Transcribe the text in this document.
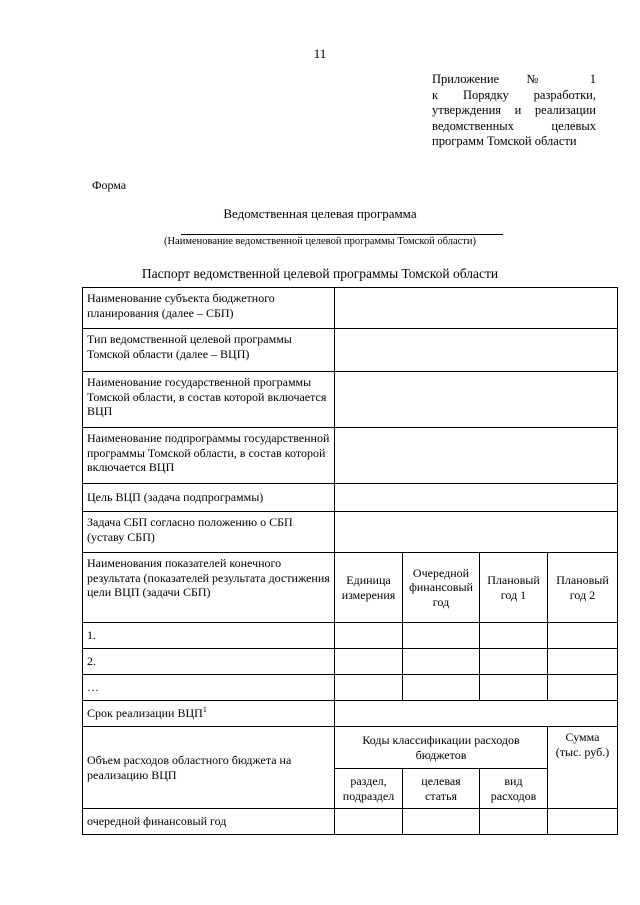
11
Приложение № 1
к Порядку разработки,
утверждения и реализации
ведомственных целевых
программ Томской области
Форма
Ведомственная целевая программа
(Наименование ведомственной целевой программы Томской области)
Паспорт ведомственной целевой программы Томской области
Наименование субъекта бюджетного планирования (далее – СБП)				
Тип ведомственной целевой программы Томской области (далее – ВЦП)				
Наименование государственной программы Томской области, в состав которой включается ВЦП				
Наименование подпрограммы государственной программы Томской области, в состав которой включается ВЦП				
Цель ВЦП (задача подпрограммы)				
Задача СБП согласно положению о СБП (уставу СБП)				
Наименования показателей конечного результата (показателей результата достижения цели ВЦП (задачи СБП)	Единица измерения	Очередной финансовый год	Плановый год 1	Плановый год 2
1.				
2.				
…				
Срок реализации ВЦП$^1$	
Объем расходов областного бюджета на реализацию ВЦП	Коды классификации расходов бюджетов			Сумма (тыс. руб.)
	раздел, подраздел	целевая статья	вид расходов	
очередной финансовый год				
